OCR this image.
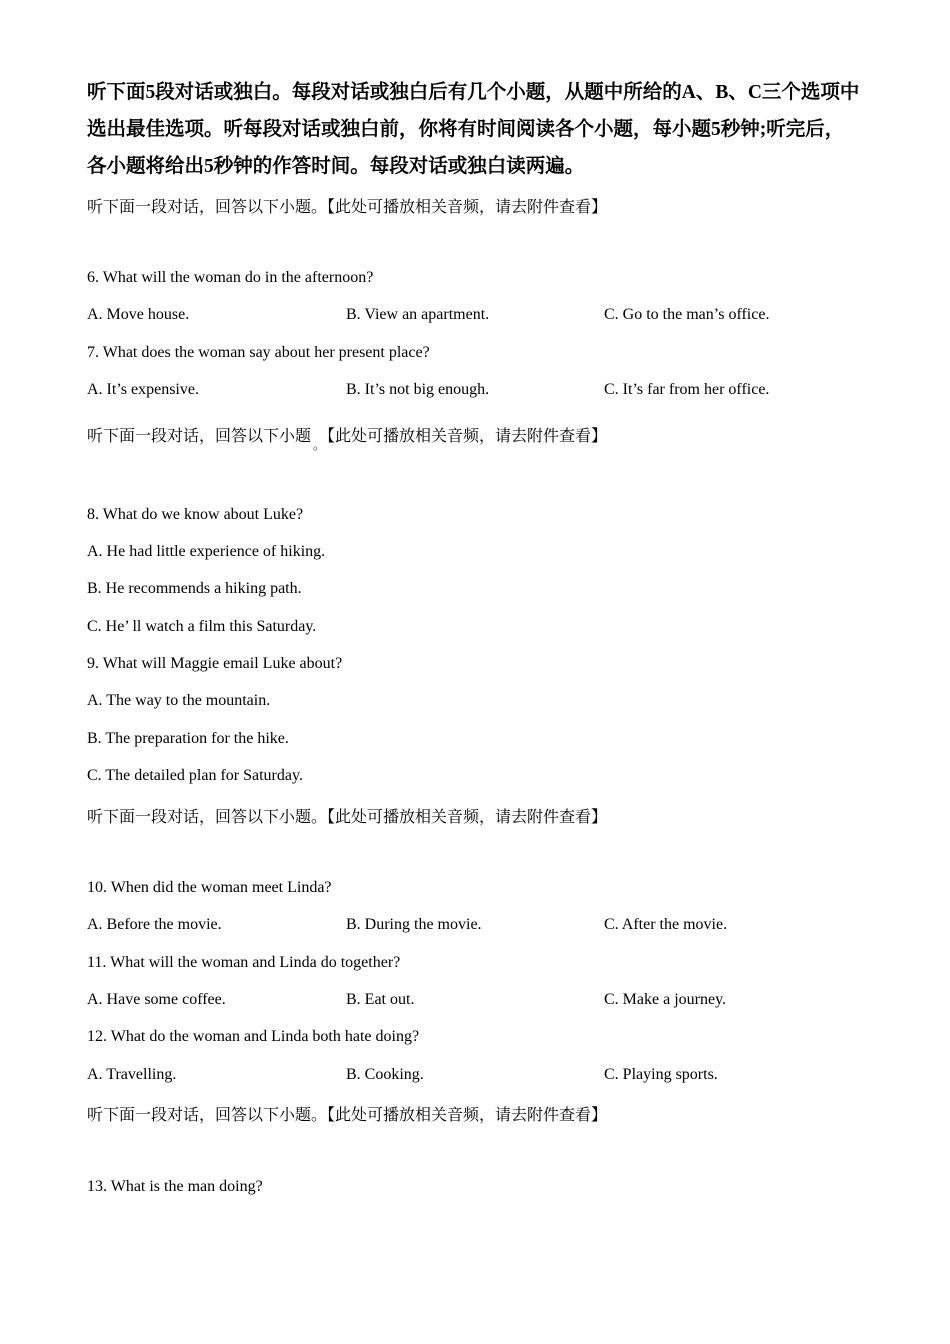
听下面5段对话或独白。每段对话或独白后有几个小题，从题中所给的A、B、C三个选项中选出最佳选项。听每段对话或独白前，你将有时间阅读各个小题，每小题5秒钟;听完后，各小题将给出5秒钟的作答时间。每段对话或独白读两遍。
听下面一段对话，回答以下小题。【此处可播放相关音频，请去附件查看】
6. What will the woman do in the afternoon?
A. Move house.	B. View an apartment.	C. Go to the man’s office.
7. What does the woman say about her present place?
A. It’s expensive.	B. It’s not big enough.	C. It’s far from her office.
听下面一段对话，回答以下小题 $_。$ 【此处可播放相关音频，请去附件查看】
8. What do we know about Luke?
A. He had little experience of hiking.
B. He recommends a hiking path.
C. He’ ll watch a film this Saturday.
9. What will Maggie email Luke about?
A. The way to the mountain.
B. The preparation for the hike.
C. The detailed plan for Saturday.
听下面一段对话，回答以下小题。【此处可播放相关音频，请去附件查看】
10. When did the woman meet Linda?
A. Before the movie.	B. During the movie.	C. After the movie.
11. What will the woman and Linda do together?
A. Have some coffee.	B. Eat out.	C. Make a journey.
12. What do the woman and Linda both hate doing?
A. Travelling.	B. Cooking.	C. Playing sports.
听下面一段对话，回答以下小题。【此处可播放相关音频，请去附件查看】
13. What is the man doing?
